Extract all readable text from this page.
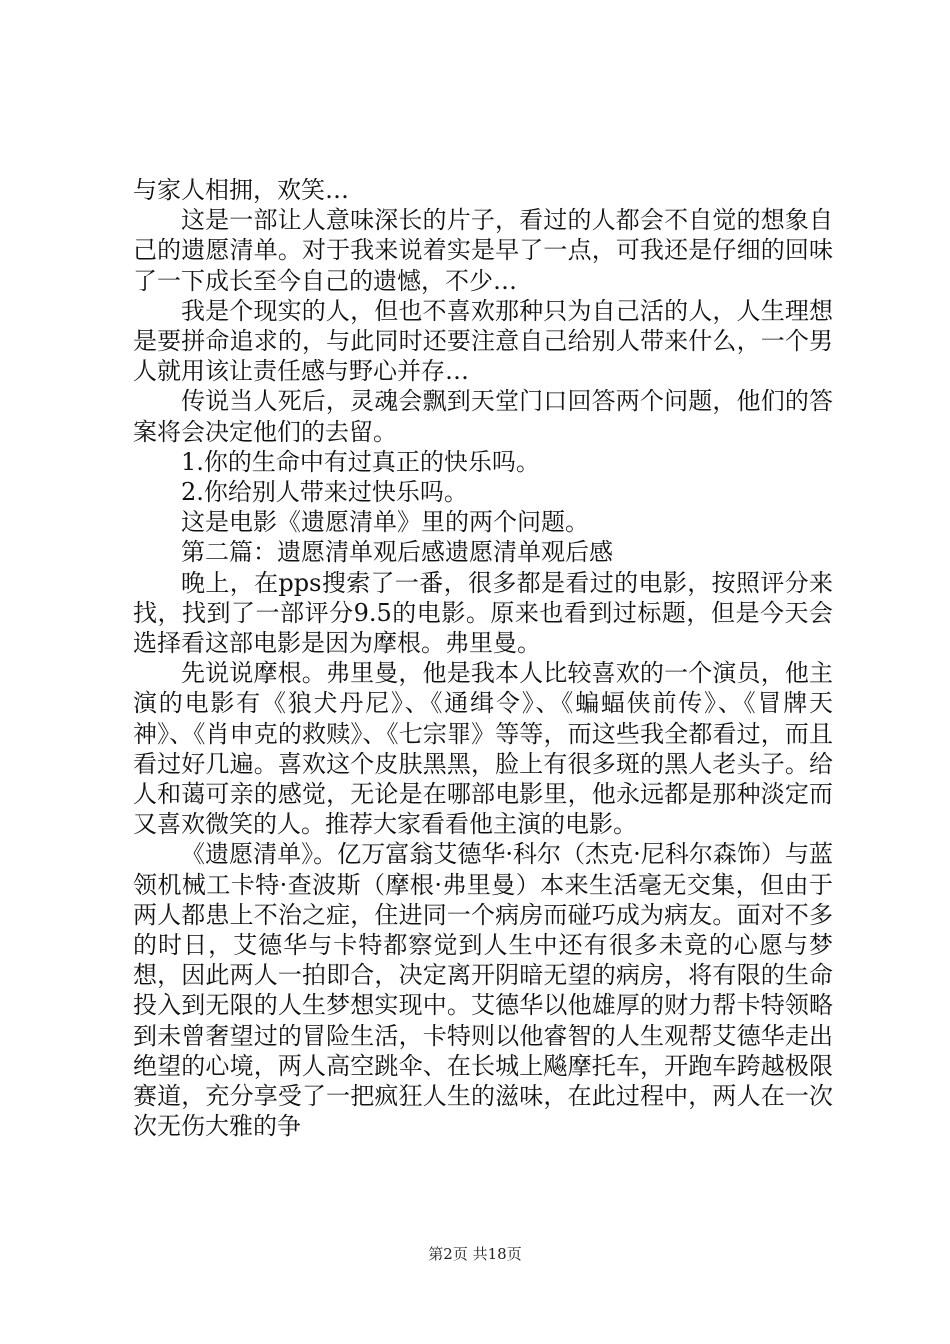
与家人相拥，欢笑…

这是一部让人意味深长的片子，看过的人都会不自觉的想象自己的遗愿清单。对于我来说着实是早了一点，可我还是仔细的回味了一下成长至今自己的遗憾，不少…

我是个现实的人，但也不喜欢那种只为自己活的人，人生理想是要拼命追求的，与此同时还要注意自己给别人带来什么，一个男人就用该让责任感与野心并存…

传说当人死后，灵魂会飘到天堂门口回答两个问题，他们的答案将会决定他们的去留。

1.你的生命中有过真正的快乐吗。

2.你给别人带来过快乐吗。

这是电影《遗愿清单》里的两个问题。

第二篇：遗愿清单观后感遗愿清单观后感

晚上，在pps搜索了一番，很多都是看过的电影，按照评分来找，找到了一部评分9.5的电影。原来也看到过标题，但是今天会选择看这部电影是因为摩根。弗里曼。

先说说摩根。弗里曼，他是我本人比较喜欢的一个演员，他主演的电影有《狼犬丹尼》、《通缉令》、《蝙蝠侠前传》、《冒牌天神》、《肖申克的救赎》、《七宗罪》等等，而这些我全都看过，而且看过好几遍。喜欢这个皮肤黑黑，脸上有很多斑的黑人老头子。给人和蔼可亲的感觉，无论是在哪部电影里，他永远都是那种淡定而又喜欢微笑的人。推荐大家看看他主演的电影。

《遗愿清单》。亿万富翁艾德华·科尔（杰克·尼科尔森饰）与蓝领机械工卡特·查波斯（摩根·弗里曼）本来生活毫无交集，但由于两人都患上不治之症，住进同一个病房而碰巧成为病友。面对不多的时日，艾德华与卡特都察觉到人生中还有很多未竟的心愿与梦想，因此两人一拍即合，决定离开阴暗无望的病房，将有限的生命投入到无限的人生梦想实现中。艾德华以他雄厚的财力帮卡特领略到未曾奢望过的冒险生活，卡特则以他睿智的人生观帮艾德华走出绝望的心境，两人高空跳伞、在长城上飚摩托车，开跑车跨越极限赛道，充分享受了一把疯狂人生的滋味，在此过程中，两人在一次次无伤大雅的争

第2页 共18页
